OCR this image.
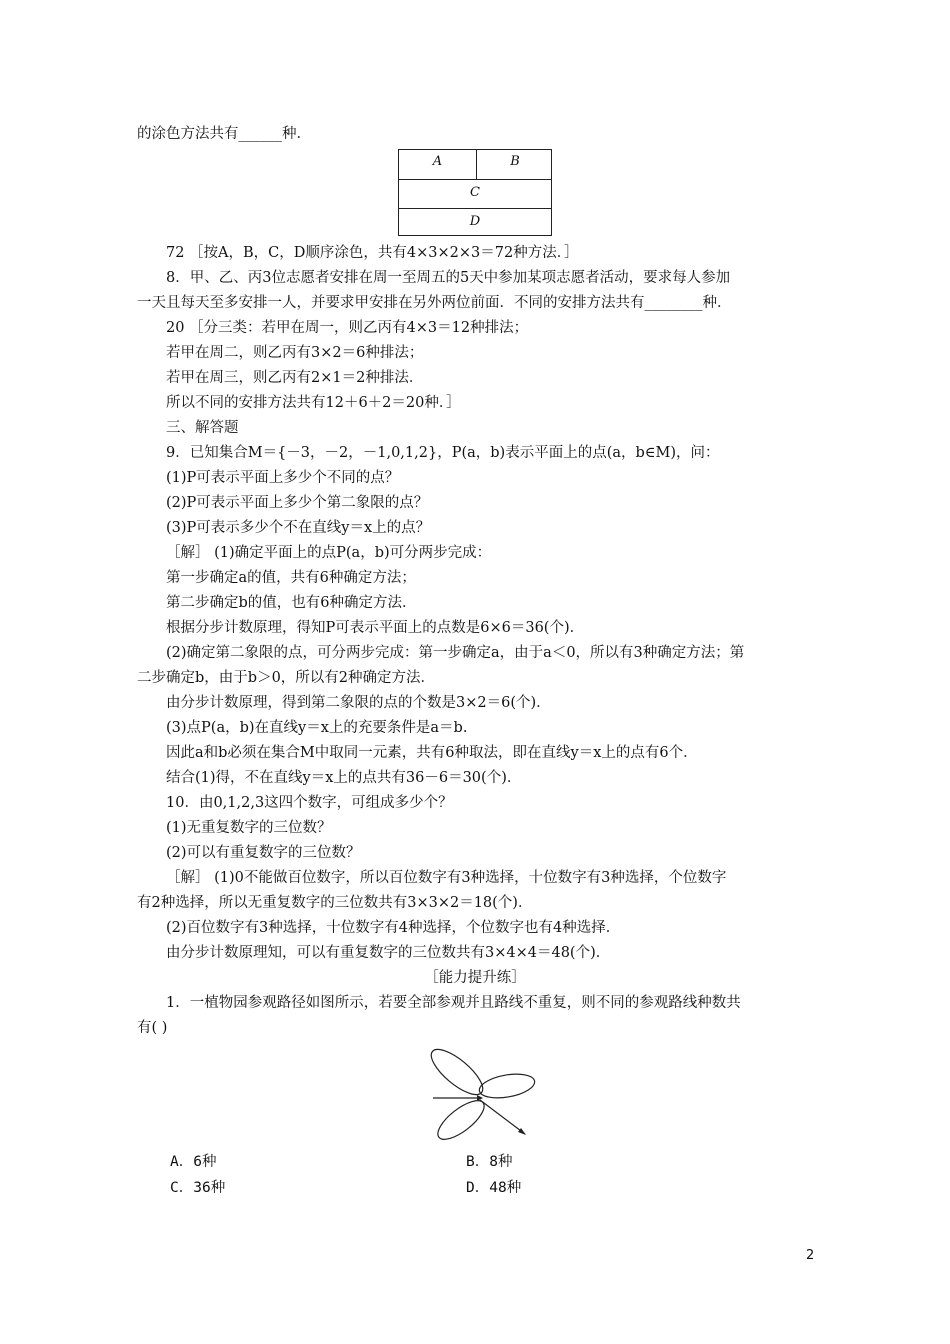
的涂色方法共有______种．
72 ［按A，B，C，D顺序涂色，共有4×3×2×3＝72种方法．］
8．甲、乙、丙3位志愿者安排在周一至周五的5天中参加某项志愿者活动，要求每人参加
一天且每天至多安排一人，并要求甲安排在另外两位前面．不同的安排方法共有________种．
20 ［分三类：若甲在周一，则乙丙有4×3＝12种排法；
若甲在周二，则乙丙有3×2＝6种排法；
若甲在周三，则乙丙有2×1＝2种排法．
所以不同的安排方法共有12＋6＋2＝20种．］
三、解答题
9．已知集合M＝{－3，－2，－1,0,1,2}，P(a，b)表示平面上的点(a，b∈M)，问：
(1)P可表示平面上多少个不同的点？
(2)P可表示平面上多少个第二象限的点？
(3)P可表示多少个不在直线y＝x上的点？
［解］ (1)确定平面上的点P(a，b)可分两步完成：
第一步确定a的值，共有6种确定方法；
第二步确定b的值，也有6种确定方法．
根据分步计数原理，得知P可表示平面上的点数是6×6＝36(个)．
(2)确定第二象限的点，可分两步完成：第一步确定a，由于a＜0，所以有3种确定方法；第
二步确定b，由于b＞0，所以有2种确定方法．
由分步计数原理，得到第二象限的点的个数是3×2＝6(个)．
(3)点P(a，b)在直线y＝x上的充要条件是a＝b.
因此a和b必须在集合M中取同一元素，共有6种取法，即在直线y＝x上的点有6个．
结合(1)得，不在直线y＝x上的点共有36－6＝30(个)．
10．由0,1,2,3这四个数字，可组成多少个？
(1)无重复数字的三位数？
(2)可以有重复数字的三位数？
［解］ (1)0不能做百位数字，所以百位数字有3种选择，十位数字有3种选择，个位数字
有2种选择，所以无重复数字的三位数共有3×3×2＝18(个)．
(2)百位数字有3种选择，十位数字有4种选择，个位数字也有4种选择．
由分步计数原理知，可以有重复数字的三位数共有3×4×4＝48(个)．
［能力提升练］
1．一植物园参观路径如图所示，若要全部参观并且路线不重复，则不同的参观路线种数共
有( )
A	B
C
D
A．6种	B．8种
C．36种	D．48种
2
